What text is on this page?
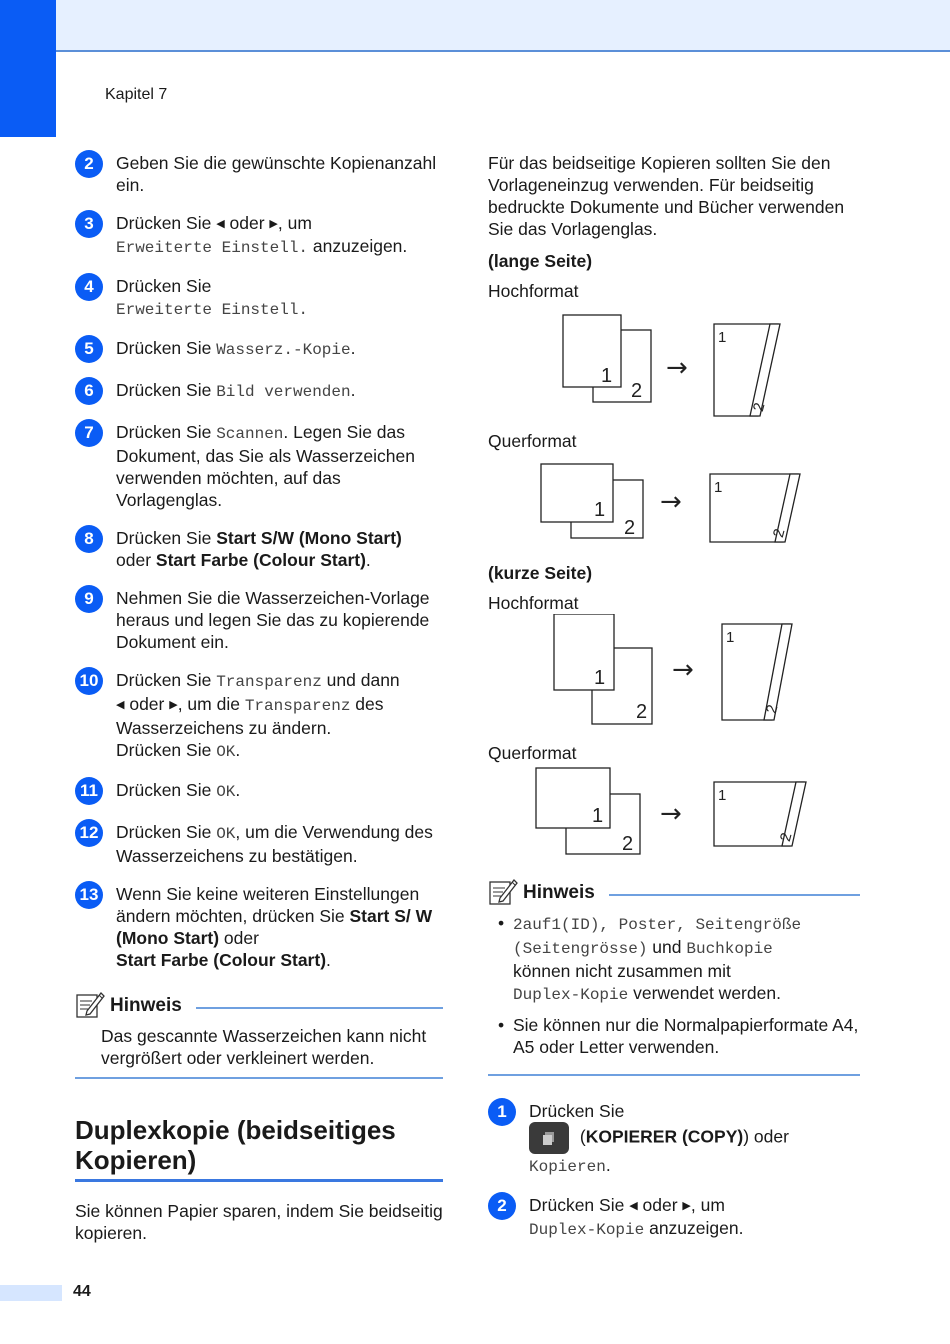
Kapitel 7
2	Geben Sie die gewünschte Kopienanzahl ein.
3	Drücken Sie ◀ oder ▶ , um
Erweiterte Einstell. anzuzeigen.
4	Drücken Sie
Erweiterte Einstell.
5	Drücken Sie Wasserz.-Kopie.
6	Drücken Sie Bild verwenden.
7	Drücken Sie Scannen. Legen Sie das Dokument, das Sie als Wasserzeichen verwenden möchten, auf das Vorlagenglas.
8	Drücken Sie Start S/W (Mono Start)
oder Start Farbe (Colour Start).
9	Nehmen Sie die Wasserzeichen-Vorlage heraus und legen Sie das zu kopierende Dokument ein.
10 Drücken Sie Transparenz und dann
◀ oder ▶ , um die Transparenz des Wasserzeichens zu ändern.
Drücken Sie OK.
11 Drücken Sie OK.
12 Drücken Sie OK, um die Verwendung des Wasserzeichens zu bestätigen.
13 Wenn Sie keine weiteren Einstellungen ändern möchten, drücken Sie Start S/ W (Mono Start) oder
Start Farbe (Colour Start).
Hinweis
Das gescannte Wasserzeichen kann nicht vergrößert oder verkleinert werden.
Duplexkopie (beidseitiges Kopieren)
Sie können Papier sparen, indem Sie beidseitig kopieren.
Für das beidseitige Kopieren sollten Sie den Vorlageneinzug verwenden. Für beidseitig bedruckte Dokumente und Bücher verwenden Sie das Vorlagenglas.
(lange Seite)
Hochformat
2
1 →
1
2
Querformat
2
1 → 1
2
(kurze Seite)
Hochformat
2
1	→
1
2
Querformat
2
1 →
1
2
Hinweis
• 2auf1(ID), Poster, Seitengröße (Seitengrösse) und Buchkopie
können nicht zusammen mit
Duplex-Kopie verwendet werden.
• Sie können nur die Normalpapierformate A4, A5 oder Letter verwenden.
1	Drücken Sie

(KOPIERER (COPY)) oder
Kopieren.
2	Drücken Sie ◀ oder ▶ , um
Duplex-Kopie anzuzeigen.
44
